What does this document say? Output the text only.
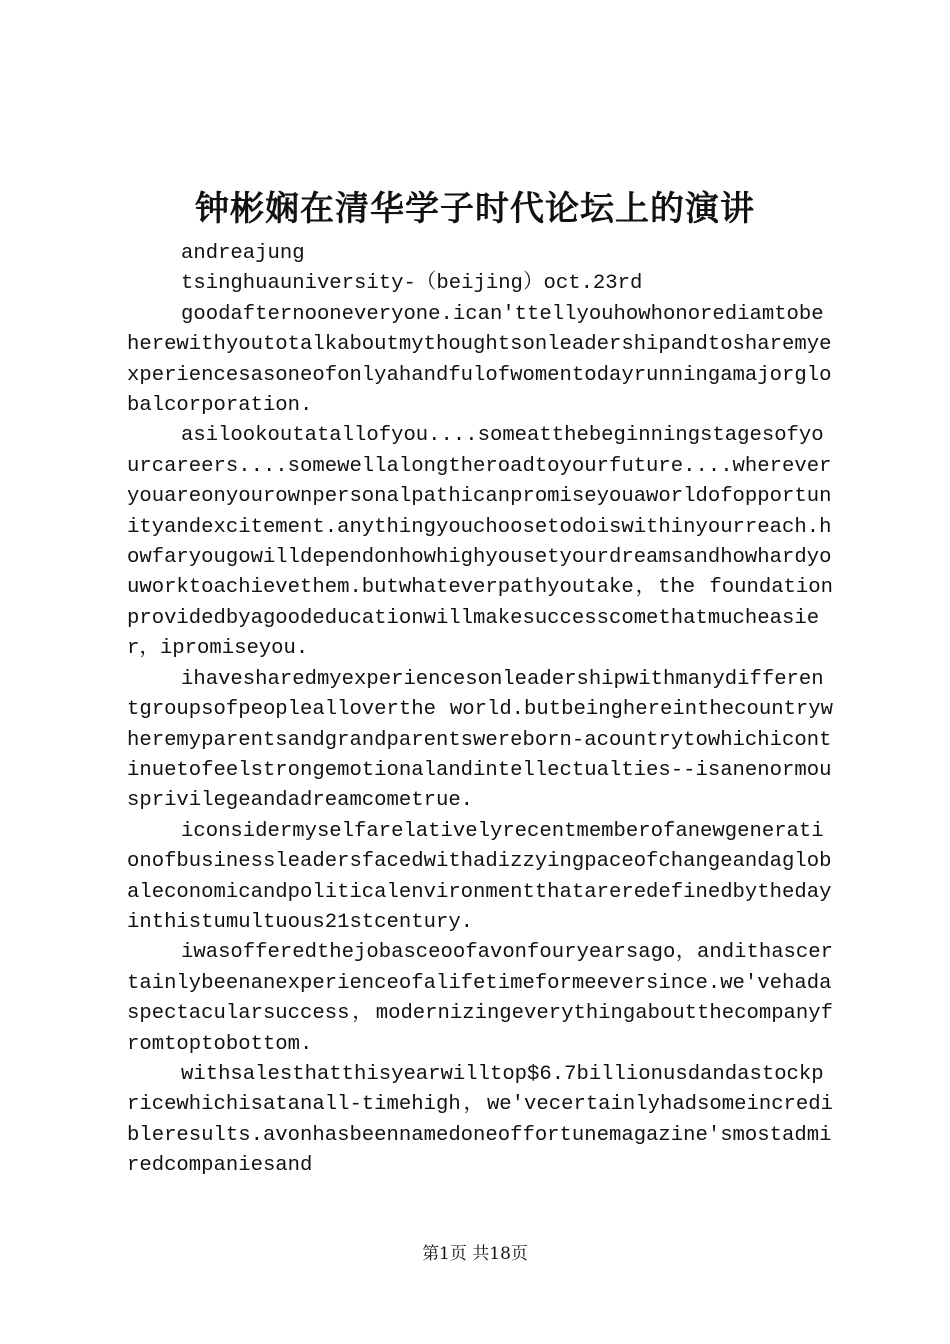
钟彬娴在清华学子时代论坛上的演讲

andreajung

tsinghuauniversity-（beijing）oct.23rd

goodafternooneveryone.ican'ttellyouhowhonorediamtobeherewithyoutotalkaboutmythoughtsonleadershipandtosharemyexperiencesasoneofonlyahandfulofwomentodayrunningamajorglobalcorporation.

asilookoutatallofyou....someatthebeginningstagesofyourcareers....somewellalongtheroadtoyourfuture....whereveryouareonyourownpersonalpathicanpromiseyouaworldofopportunityandexcitement.anythingyouchoosetodoiswithinyourreach.howfaryougowilldependonhowhighyousetyourdreamsandhowhardyouworktoachievethem.butwhateverpathyoutake，the foundationprovidedbyagoodeducationwillmakesuccesscomethatmucheasier，ipromiseyou.

ihavesharedmyexperiencesonleadershipwithmanydifferentgroupsofpeoplealloverthe world.butbeinghereinthecountrywheremyparentsandgrandparentswereborn-acountrytowhichicontinuetofeelstrongemotionalandintellectualties--isanenormousprivilegeandadreamcometrue.

iconsidermyselfarelativelyrecentmemberofanewgenerationofbusinessleadersfacedwithadizzyingpaceofchangeandaglobaleconomicandpoliticalenvironmentthatareredefinedbythedayinthistumultuous21stcentury.

iwasofferedthejobasceoofavonfouryearsago，andithascertainlybeenanexperienceofalifetimeformeeversince.we'vehadaspectacularsuccess，modernizingeverythingaboutthecompanyfromtoptobottom.

withsalesthatthisyearwilltop$6.7billionusdandastockpricewhichisatanall-timehigh，we'vecertainlyhadsomeincredibleresults.avonhasbeennamedoneoffortunemagazine'smostadmiredcompaniesand

第1页 共18页
